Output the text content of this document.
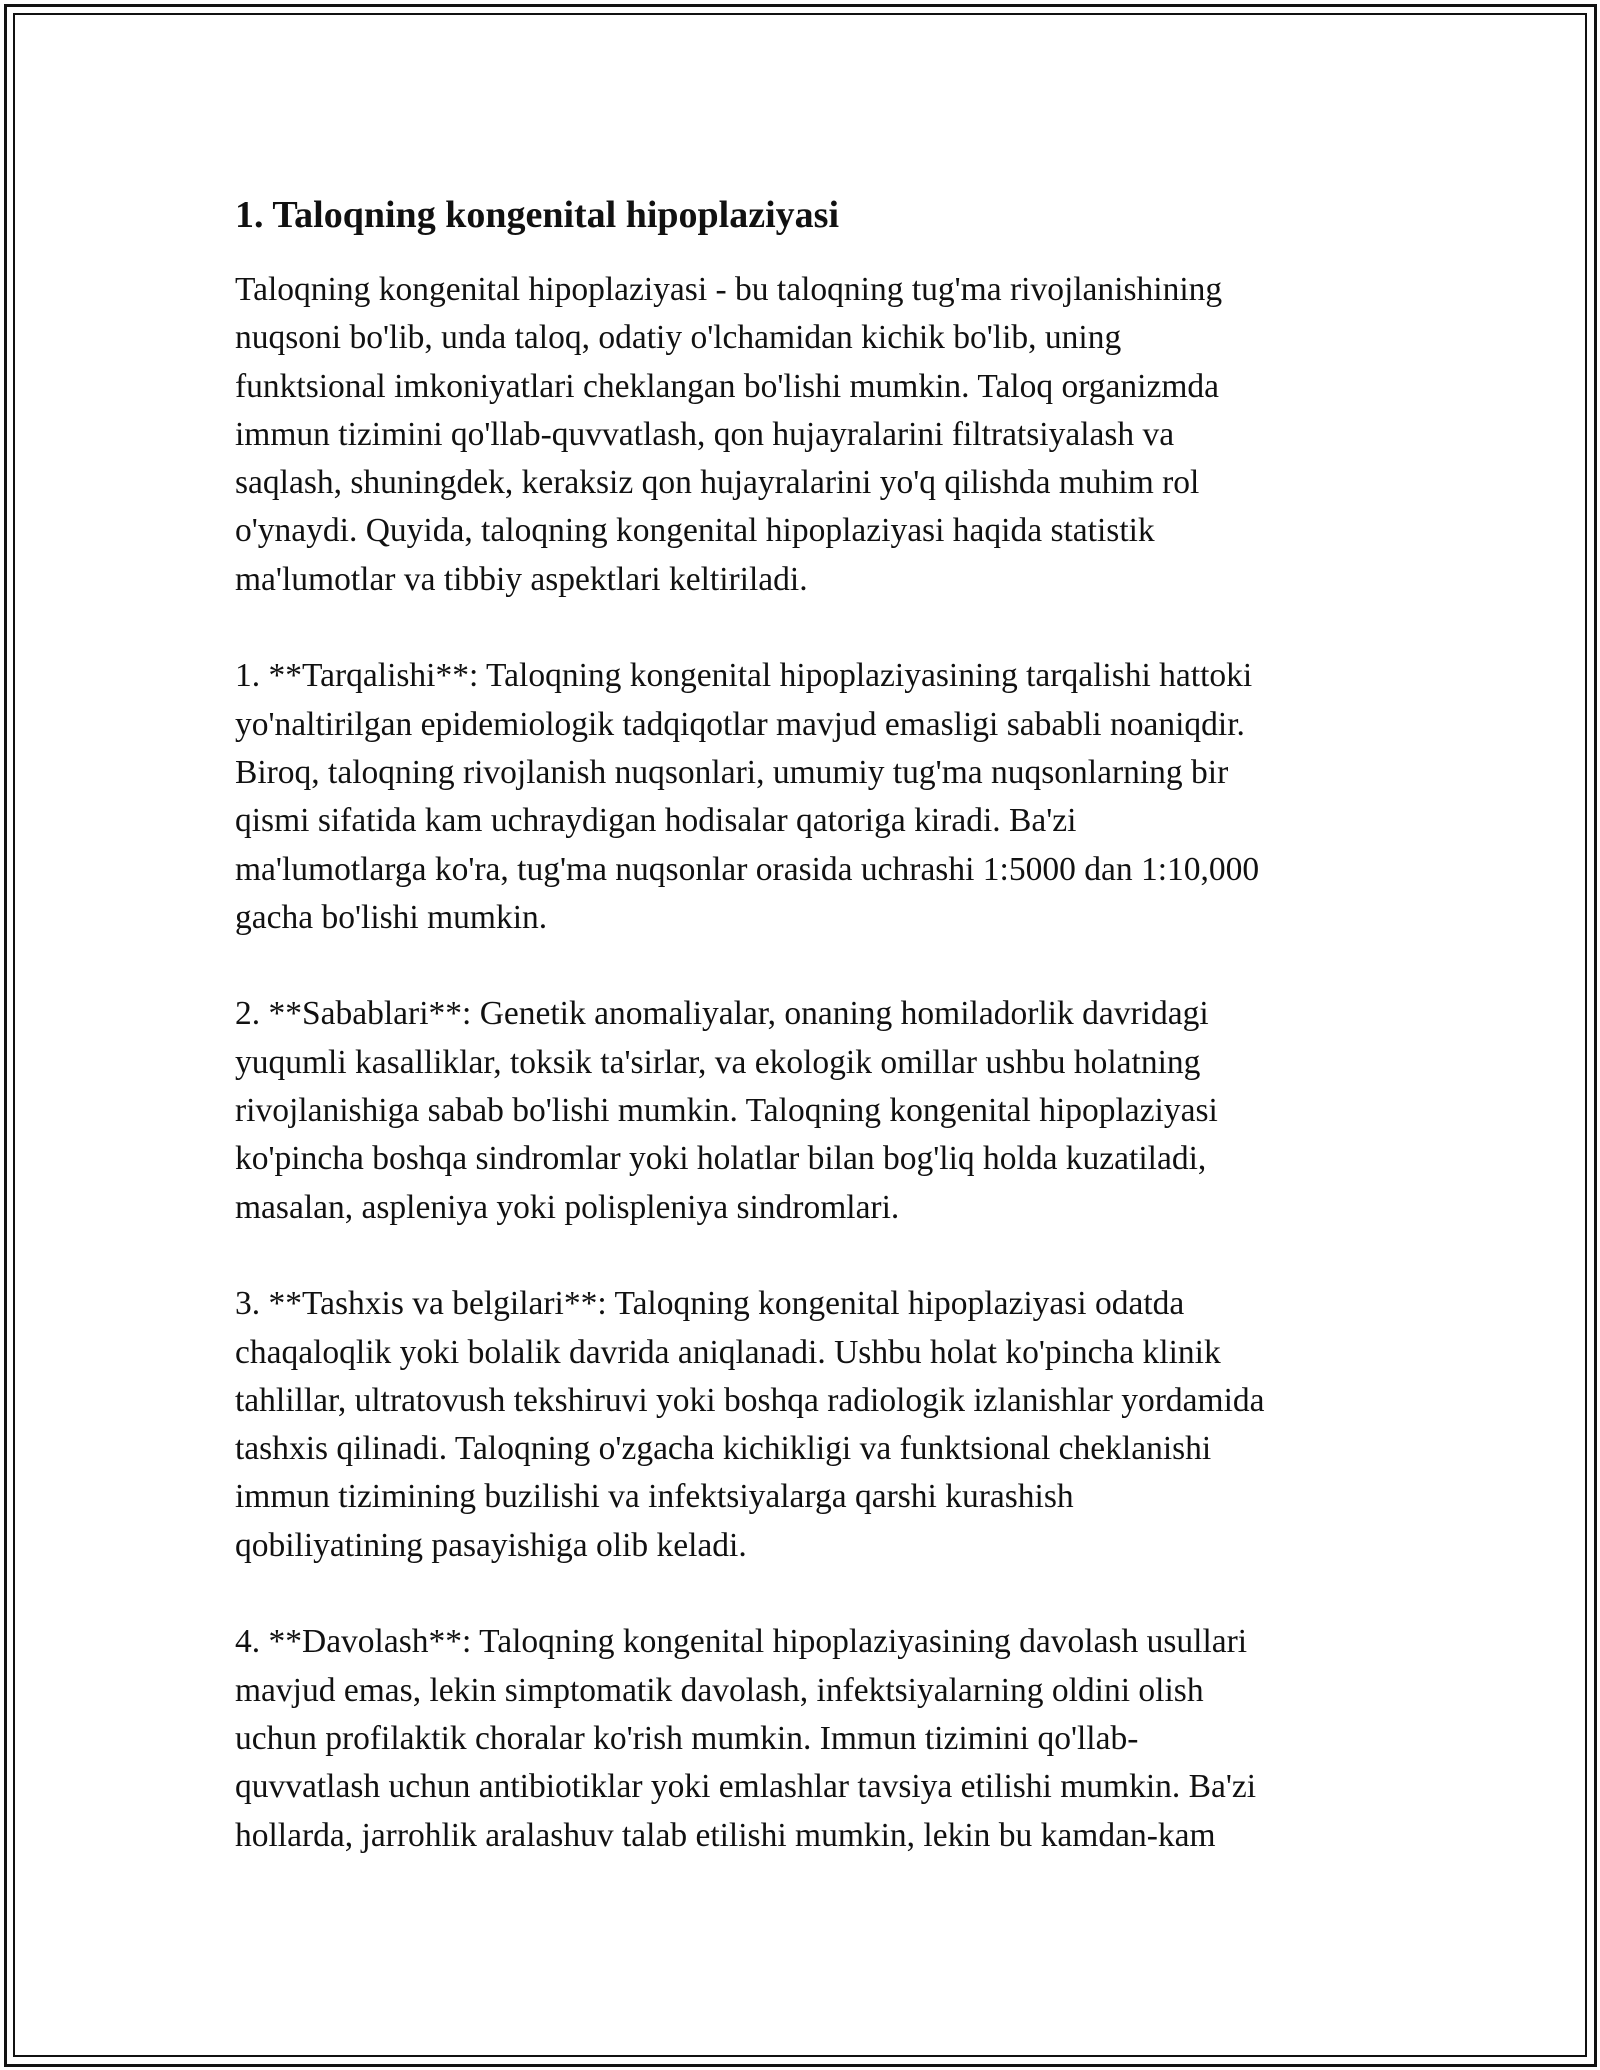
1. Taloqning kongenital hipoplaziyasi

Taloqning kongenital hipoplaziyasi - bu taloqning tug'ma rivojlanishining
nuqsoni bo'lib, unda taloq, odatiy o'lchamidan kichik bo'lib, uning
funktsional imkoniyatlari cheklangan bo'lishi mumkin. Taloq organizmda
immun tizimini qo'llab-quvvatlash, qon hujayralarini filtratsiyalash va
saqlash, shuningdek, keraksiz qon hujayralarini yo'q qilishda muhim rol
o'ynaydi. Quyida, taloqning kongenital hipoplaziyasi haqida statistik
ma'lumotlar va tibbiy aspektlari keltiriladi.

1. **Tarqalishi**: Taloqning kongenital hipoplaziyasining tarqalishi hattoki
yo'naltirilgan epidemiologik tadqiqotlar mavjud emasligi sababli noaniqdir.
Biroq, taloqning rivojlanish nuqsonlari, umumiy tug'ma nuqsonlarning bir
qismi sifatida kam uchraydigan hodisalar qatoriga kiradi. Ba'zi
ma'lumotlarga ko'ra, tug'ma nuqsonlar orasida uchrashi 1:5000 dan 1:10,000
gacha bo'lishi mumkin.

2. **Sabablari**: Genetik anomaliyalar, onaning homiladorlik davridagi
yuqumli kasalliklar, toksik ta'sirlar, va ekologik omillar ushbu holatning
rivojlanishiga sabab bo'lishi mumkin. Taloqning kongenital hipoplaziyasi
ko'pincha boshqa sindromlar yoki holatlar bilan bog'liq holda kuzatiladi,
masalan, aspleniya yoki polispleniya sindromlari.

3. **Tashxis va belgilari**: Taloqning kongenital hipoplaziyasi odatda
chaqaloqlik yoki bolalik davrida aniqlanadi. Ushbu holat ko'pincha klinik
tahlillar, ultratovush tekshiruvi yoki boshqa radiologik izlanishlar yordamida
tashxis qilinadi. Taloqning o'zgacha kichikligi va funktsional cheklanishi
immun tizimining buzilishi va infektsiyalarga qarshi kurashish
qobiliyatining pasayishiga olib keladi.

4. **Davolash**: Taloqning kongenital hipoplaziyasining davolash usullari
mavjud emas, lekin simptomatik davolash, infektsiyalarning oldini olish
uchun profilaktik choralar ko'rish mumkin. Immun tizimini qo'llab-
quvvatlash uchun antibiotiklar yoki emlashlar tavsiya etilishi mumkin. Ba'zi
hollarda, jarrohlik aralashuv talab etilishi mumkin, lekin bu kamdan-kam
